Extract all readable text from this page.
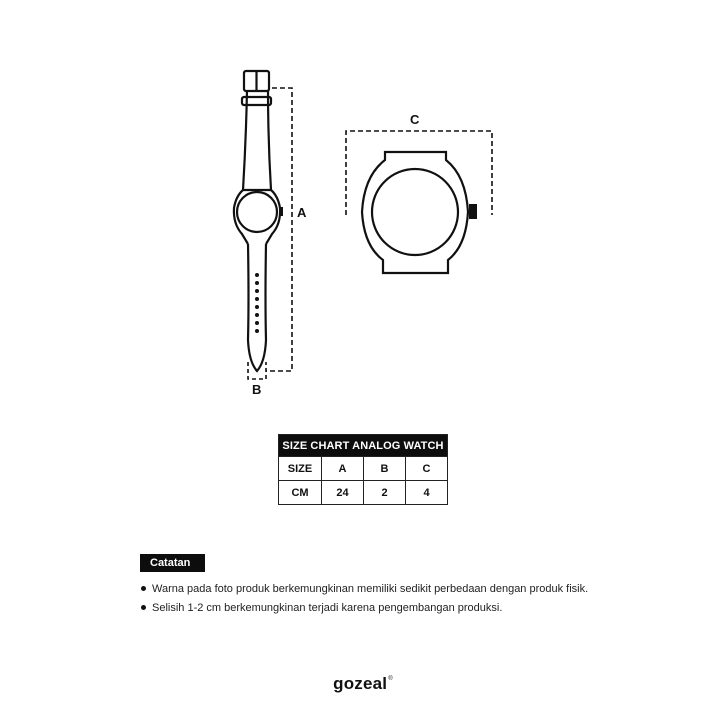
A
B
C
SIZE CHART ANALOG WATCH			
SIZE	A	B	C
CM	24	2	4
Catatan
Warna pada foto produk berkemungkinan memiliki sedikit perbedaan dengan produk fisik.
Selisih 1-2 cm berkemungkinan terjadi karena pengembangan produksi.
gozeal®
